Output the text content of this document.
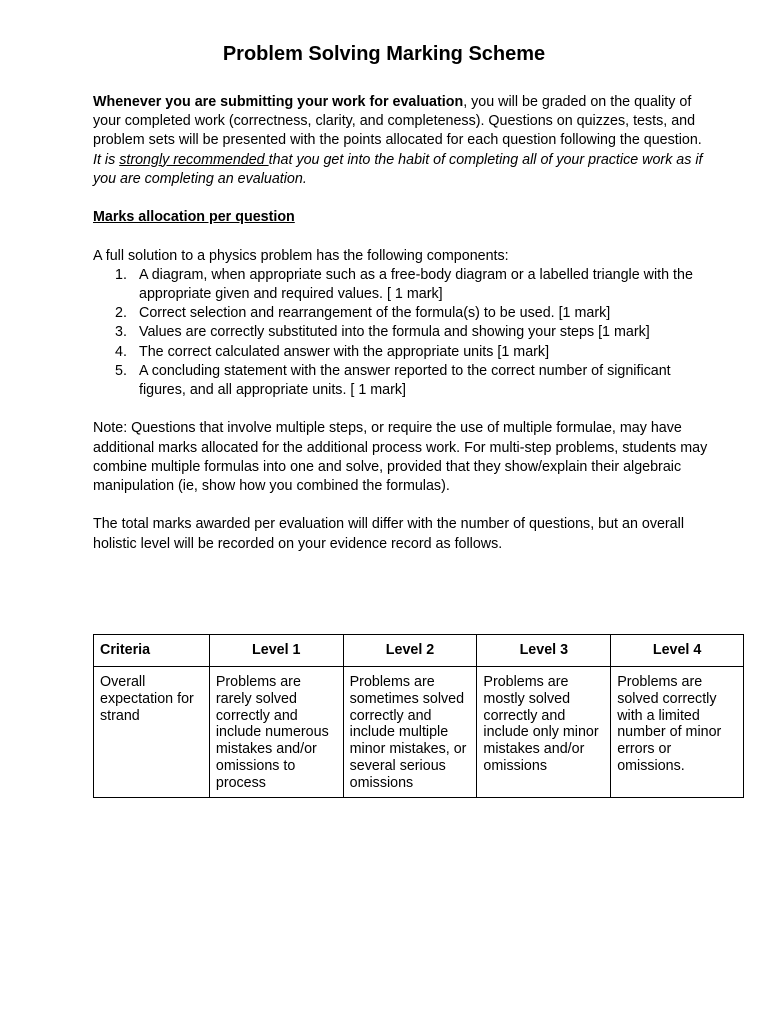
Problem Solving Marking Scheme

Whenever you are submitting your work for evaluation, you will be graded on the quality of your completed work (correctness, clarity, and completeness). Questions on quizzes, tests, and problem sets will be presented with the points allocated for each question following the question. It is strongly recommended that you get into the habit of completing all of your practice work as if you are completing an evaluation.

Marks allocation per question

A full solution to a physics problem has the following components:

1. A diagram, when appropriate such as a free-body diagram or a labelled triangle with the appropriate given and required values. [ 1 mark]
2. Correct selection and rearrangement of the formula(s) to be used. [1 mark]
3. Values are correctly substituted into the formula and showing your steps [1 mark]
4. The correct calculated answer with the appropriate units [1 mark]
5. A concluding statement with the answer reported to the correct number of significant figures, and all appropriate units. [ 1 mark]

Note: Questions that involve multiple steps, or require the use of multiple formulae, may have additional marks allocated for the additional process work. For multi-step problems, students may combine multiple formulas into one and solve, provided that they show/explain their algebraic manipulation (ie, show how you combined the formulas).

The total marks awarded per evaluation will differ with the number of questions, but an overall holistic level will be recorded on your evidence record as follows.

Criteria	Level 1	Level 2	Level 3	Level 4
Overall expectation for strand	Problems are rarely solved correctly and include numerous mistakes and/or omissions to process	Problems are sometimes solved correctly and include multiple minor mistakes, or several serious omissions	Problems are mostly solved correctly and include only minor mistakes and/or omissions	Problems are solved correctly with a limited number of minor errors or omissions.
